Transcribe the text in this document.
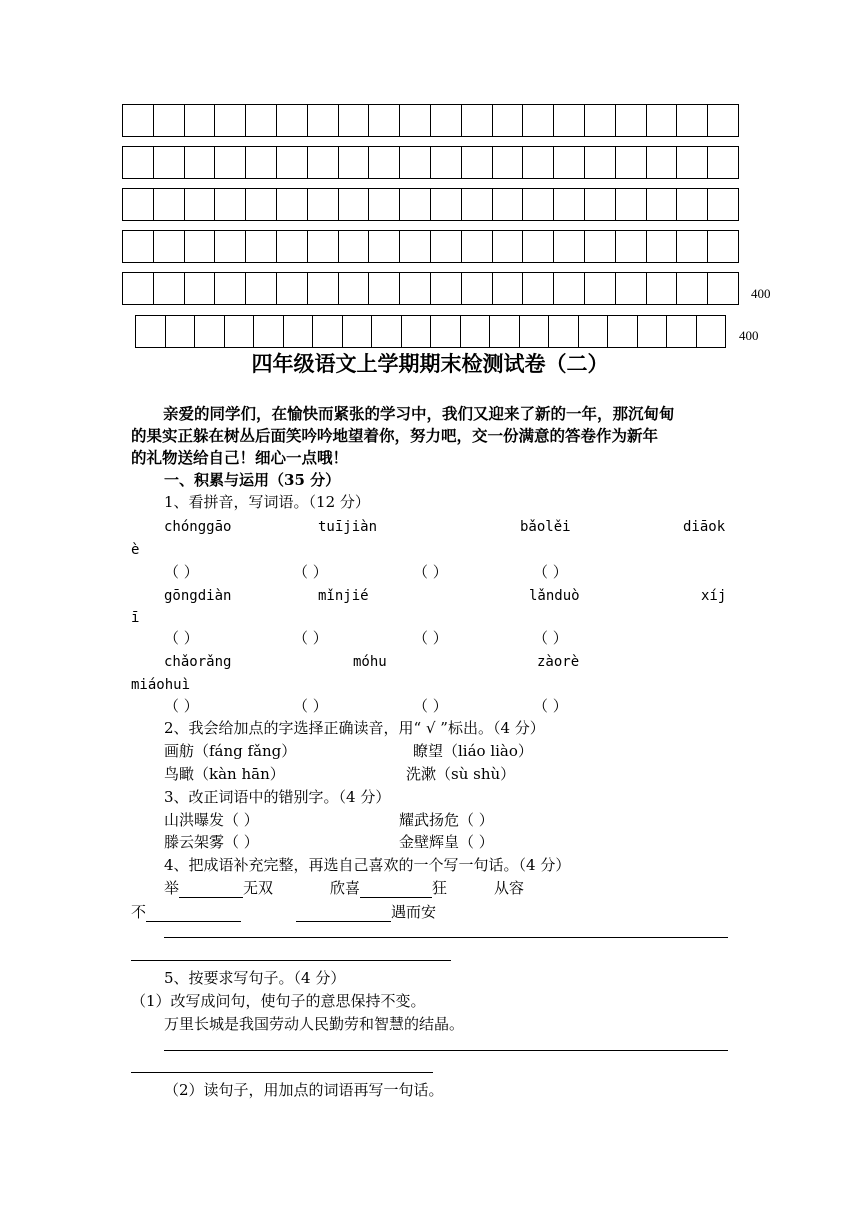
400
400
四年级语文上学期期末检测试卷（二）
亲爱的同学们，在愉快而紧张的学习中，我们又迎来了新的一年，那沉甸甸
的果实正躲在树丛后面笑吟吟地望着你，努力吧，交一份满意的答卷作为新年
的礼物送给自己！细心一点哦！
一、积累与运用（35 分）
1、看拼音，写词语。（12 分）
chónggāo	tuījiàn	bǎolěi	diāok
è
（ ）	（ ）	（ ）	（ ）
gōngdiàn	mǐnjié	lǎnduò	xíj
ī
（ ）	（ ）	（ ）	（ ）
chǎorǎng	móhu	zàorè
miáohuì
（ ）	（ ）	（ ）	（ ）
2、我会给加点的字选择正确读音，用“ √ ”标出。（4 分）
画舫（fáng fǎng）	瞭望（liáo liào）
鸟瞰（kàn hān）	洗漱（sù shù）
3、改正词语中的错别字。（4 分）
山洪曝发（ ）	耀武扬危（ ）
滕云架雾（ ）	金壁辉皇（ ）
4、把成语补充完整，再选自己喜欢的一个写一句话。（4 分）
举	无双	欣喜	狂	从容
不	遇而安
5、按要求写句子。（4 分）
（1）改写成问句，使句子的意思保持不变。
万里长城是我国劳动人民勤劳和智慧的结晶。
（2）读句子，用加点的词语再写一句话。
